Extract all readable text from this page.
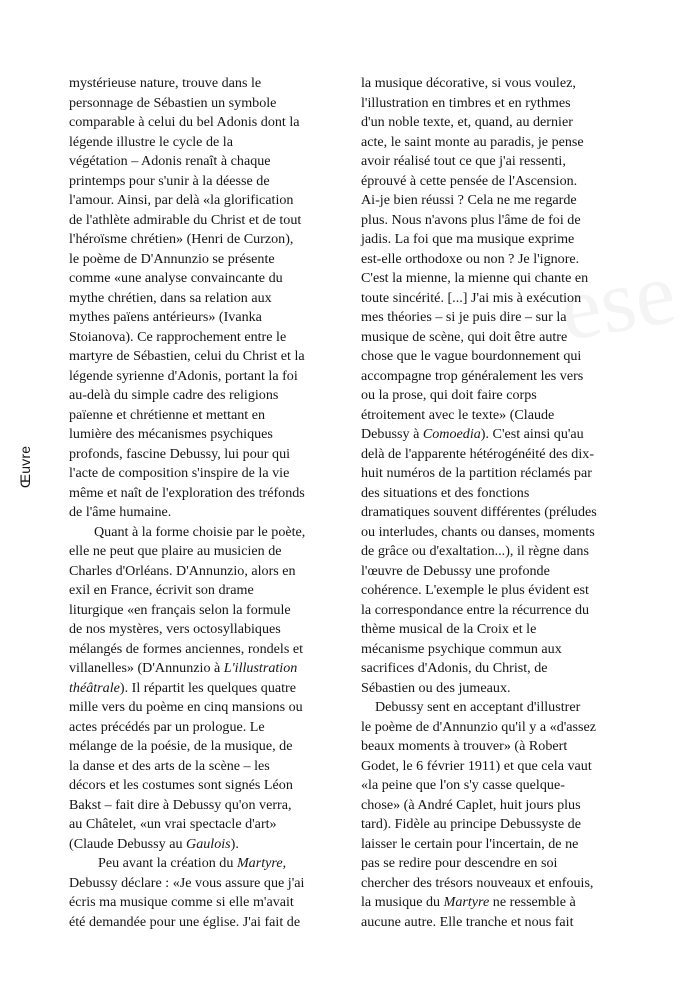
Œuvre
mystérieuse nature, trouve dans le
personnage de Sébastien un symbole
comparable à celui du bel Adonis dont la
légende illustre le cycle de la
végétation – Adonis renaît à chaque
printemps pour s'unir à la déesse de
l'amour. Ainsi, par delà «la glorification
de l'athlète admirable du Christ et de tout
l'héroïsme chrétien» (Henri de Curzon),
le poème de D'Annunzio se présente
comme «une analyse convaincante du
mythe chrétien, dans sa relation aux
mythes païens antérieurs» (Ivanka
Stoianova). Ce rapprochement entre le
martyre de Sébastien, celui du Christ et la
légende syrienne d'Adonis, portant la foi
au-delà du simple cadre des religions
païenne et chrétienne et mettant en
lumière des mécanismes psychiques
profonds, fascine Debussy, lui pour qui
l'acte de composition s'inspire de la vie
même et naît de l'exploration des tréfonds
de l'âme humaine.
Quant à la forme choisie par le poète,
elle ne peut que plaire au musicien de
Charles d'Orléans. D'Annunzio, alors en
exil en France, écrivit son drame
liturgique «en français selon la formule
de nos mystères, vers octosyllabiques
mélangés de formes anciennes, rondels et
villanelles» (D'Annunzio à L'illustration
théâtrale). Il répartit les quelques quatre
mille vers du poème en cinq mansions ou
actes précédés par un prologue. Le
mélange de la poésie, de la musique, de
la danse et des arts de la scène – les
décors et les costumes sont signés Léon
Bakst – fait dire à Debussy qu'on verra,
au Châtelet, «un vrai spectacle d'art»
(Claude Debussy au Gaulois).
Peu avant la création du Martyre,
Debussy déclare : «Je vous assure que j'ai
écris ma musique comme si elle m'avait
été demandée pour une église. J'ai fait de
la musique décorative, si vous voulez,
l'illustration en timbres et en rythmes
d'un noble texte, et, quand, au dernier
acte, le saint monte au paradis, je pense
avoir réalisé tout ce que j'ai ressenti,
éprouvé à cette pensée de l'Ascension.
Ai-je bien réussi ? Cela ne me regarde
plus. Nous n'avons plus l'âme de foi de
jadis. La foi que ma musique exprime
est-elle orthodoxe ou non ? Je l'ignore.
C'est la mienne, la mienne qui chante en
toute sincérité. [...] J'ai mis à exécution
mes théories – si je puis dire – sur la
musique de scène, qui doit être autre
chose que le vague bourdonnement qui
accompagne trop généralement les vers
ou la prose, qui doit faire corps
étroitement avec le texte» (Claude
Debussy à Comoedia). C'est ainsi qu'au
delà de l'apparente hétérogénéité des dix-
huit numéros de la partition réclamés par
des situations et des fonctions
dramatiques souvent différentes (préludes
ou interludes, chants ou danses, moments
de grâce ou d'exaltation...), il règne dans
l'œuvre de Debussy une profonde
cohérence. L'exemple le plus évident est
la correspondance entre la récurrence du
thème musical de la Croix et le
mécanisme psychique commun aux
sacrifices d'Adonis, du Christ, de
Sébastien ou des jumeaux.
Debussy sent en acceptant d'illustrer
le poème de d'Annunzio qu'il y a «d'assez
beaux moments à trouver» (à Robert
Godet, le 6 février 1911) et que cela vaut
«la peine que l'on s'y casse quelque-
chose» (à André Caplet, huit jours plus
tard). Fidèle au principe Debussyste de
laisser le certain pour l'incertain, de ne
pas se redire pour descendre en soi
chercher des trésors nouveaux et enfouis,
la musique du Martyre ne ressemble à
aucune autre. Elle tranche et nous fait
